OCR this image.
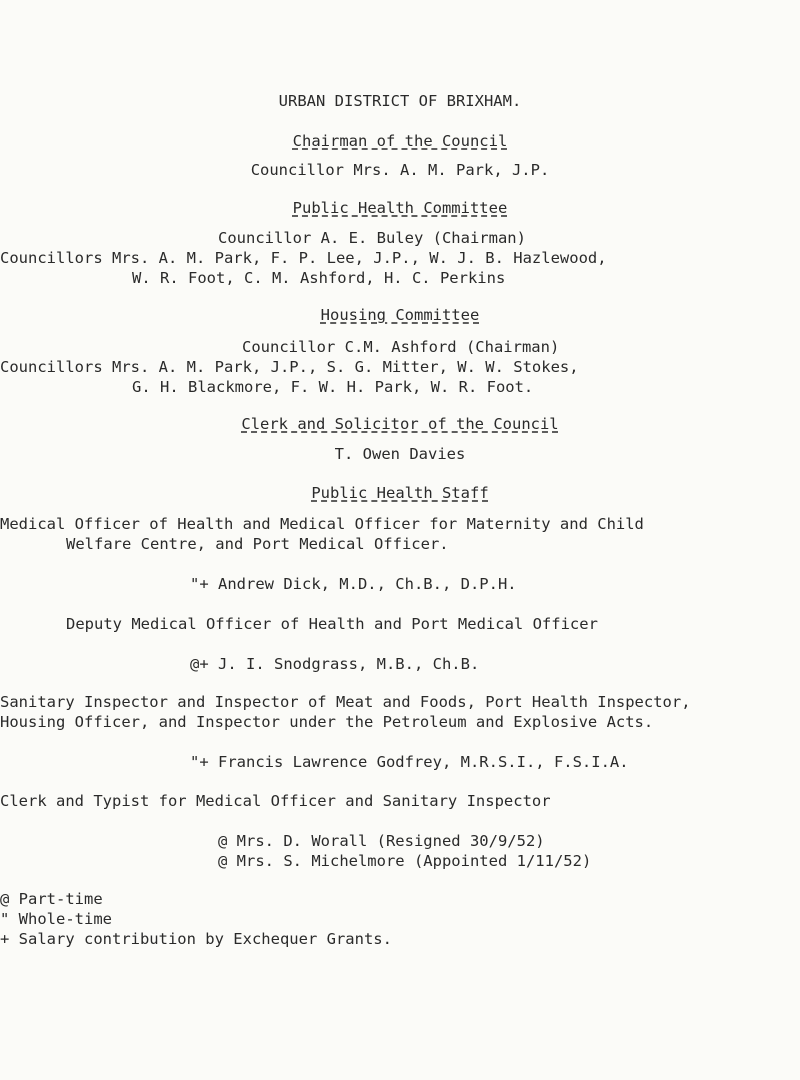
URBAN DISTRICT OF BRIXHAM.
Chairman of the Council
Councillor Mrs. A. M. Park, J.P.
Public Health Committee
Councillor A. E. Buley (Chairman)
Councillors Mrs. A. M. Park, F. P. Lee, J.P., W. J. B. Hazlewood,
W. R. Foot, C. M. Ashford, H. C. Perkins
Housing Committee
Councillor C.M. Ashford (Chairman)
Councillors Mrs. A. M. Park, J.P., S. G. Mitter, W. W. Stokes,
G. H. Blackmore, F. W. H. Park, W. R. Foot.
Clerk and Solicitor of the Council
T. Owen Davies
Public Health Staff
Medical Officer of Health and Medical Officer for Maternity and Child
Welfare Centre, and Port Medical Officer.
"+ Andrew Dick, M.D., Ch.B., D.P.H.
Deputy Medical Officer of Health and Port Medical Officer
@+ J. I. Snodgrass, M.B., Ch.B.
Sanitary Inspector and Inspector of Meat and Foods, Port Health Inspector,
Housing Officer, and Inspector under the Petroleum and Explosive Acts.
"+ Francis Lawrence Godfrey, M.R.S.I., F.S.I.A.
Clerk and Typist for Medical Officer and Sanitary Inspector
@ Mrs. D. Worall (Resigned 30/9/52)
@ Mrs. S. Michelmore (Appointed 1/11/52)
@ Part-time
" Whole-time
+ Salary contribution by Exchequer Grants.
